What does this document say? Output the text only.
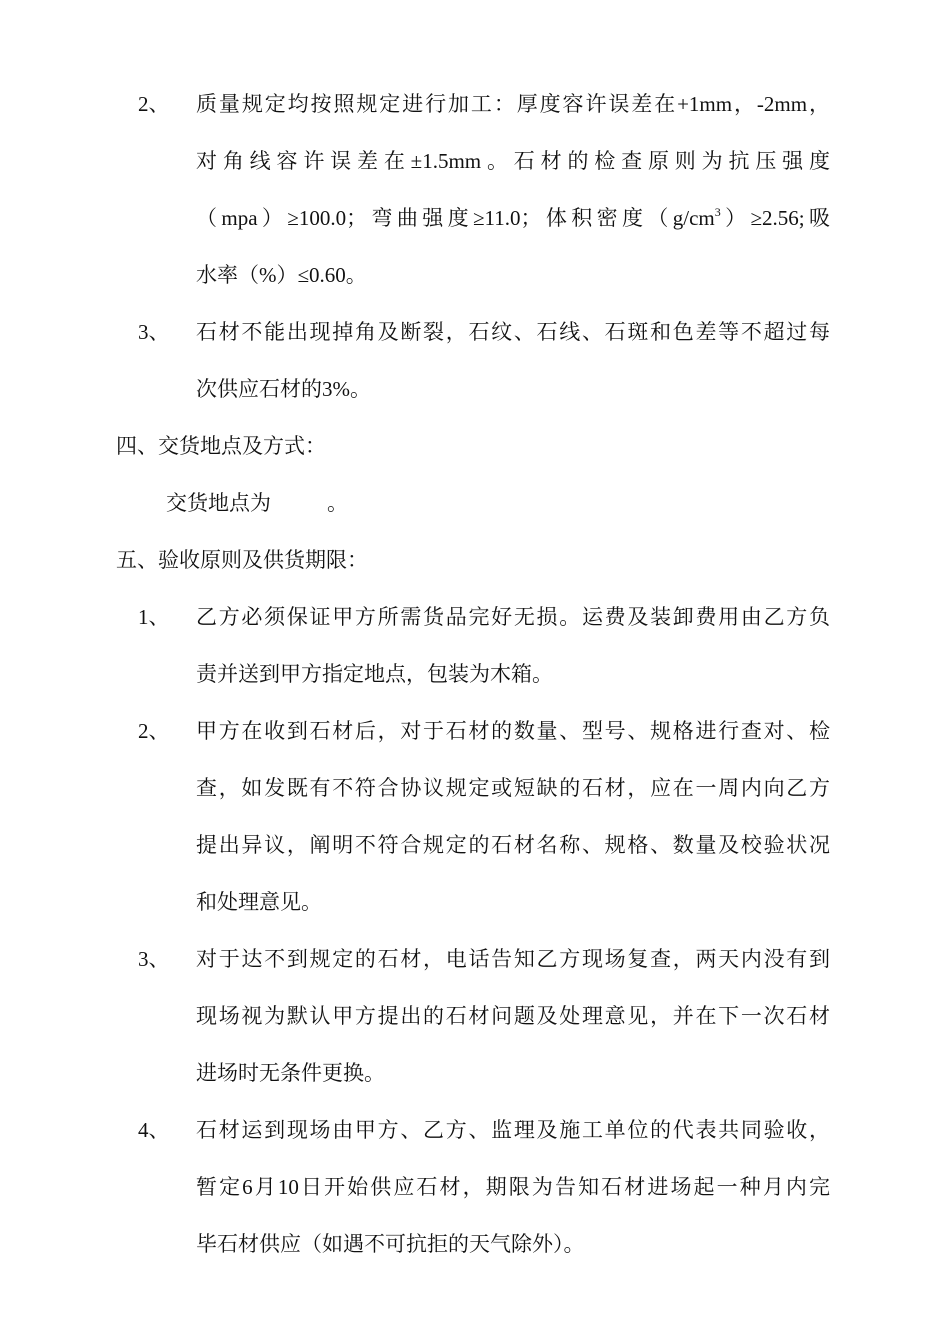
2、 质量规定均按照规定进行加工：厚度容许误差在+1mm，-2mm，
对角线容许误差在±1.5mm。石材的检查原则为抗压强度
（mpa）≥100.0；弯曲强度≥11.0；体积密度$(g/cm^3)\ge 2.56$;吸
水率（%）≤0.60。
3、 石材不能出现掉角及断裂，石纹、石线、石斑和色差等不超过每
次供应石材的3%。
四、交货地点及方式：
交货地点为	。
五、验收原则及供货期限：
1、 乙方必须保证甲方所需货品完好无损。运费及装卸费用由乙方负
责并送到甲方指定地点，包装为木箱。
2、 甲方在收到石材后，对于石材的数量、型号、规格进行查对、检
查，如发既有不符合协议规定或短缺的石材，应在一周内向乙方
提出异议，阐明不符合规定的石材名称、规格、数量及校验状况
和处理意见。
3、 对于达不到规定的石材，电话告知乙方现场复查，两天内没有到
现场视为默认甲方提出的石材问题及处理意见，并在下一次石材
进场时无条件更换。
4、 石材运到现场由甲方、乙方、监理及施工单位的代表共同验收，
暂定6月10日开始供应石材，期限为告知石材进场起一种月内完
毕石材供应（如遇不可抗拒的天气除外）。
